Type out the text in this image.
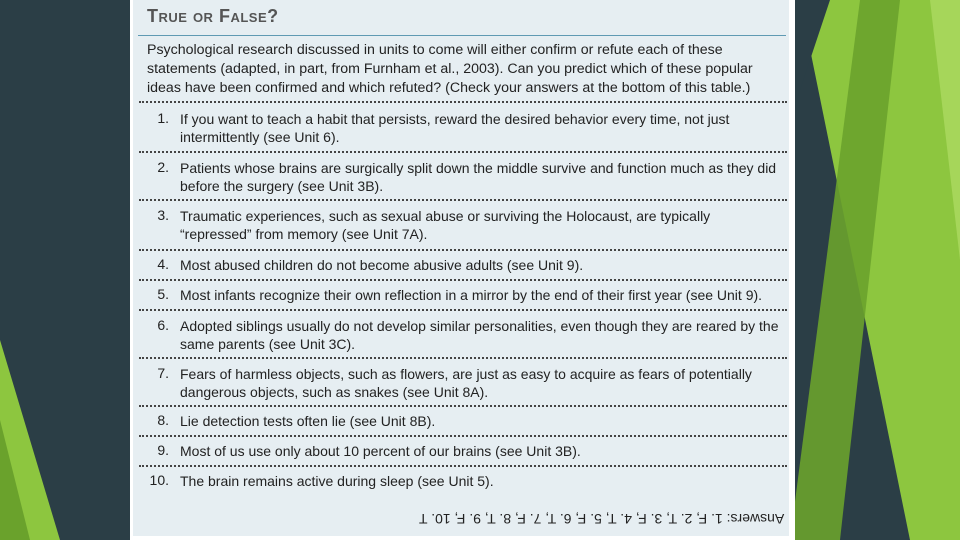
True or False?
Psychological research discussed in units to come will either confirm or refute each of these statements (adapted, in part, from Furnham et al., 2003). Can you predict which of these popular ideas have been confirmed and which refuted? (Check your answers at the bottom of this table.)
1. If you want to teach a habit that persists, reward the desired behavior every time, not just intermittently (see Unit 6).
2. Patients whose brains are surgically split down the middle survive and function much as they did before the surgery (see Unit 3B).
3. Traumatic experiences, such as sexual abuse or surviving the Holocaust, are typically “repressed” from memory (see Unit 7A).
4. Most abused children do not become abusive adults (see Unit 9).
5. Most infants recognize their own reflection in a mirror by the end of their first year (see Unit 9).
6. Adopted siblings usually do not develop similar personalities, even though they are reared by the same parents (see Unit 3C).
7. Fears of harmless objects, such as flowers, are just as easy to acquire as fears of potentially dangerous objects, such as snakes (see Unit 8A).
8. Lie detection tests often lie (see Unit 8B).
9. Most of us use only about 10 percent of our brains (see Unit 3B).
10. The brain remains active during sleep (see Unit 5).
Answers: 1. F, 2. T, 3. F, 4. T, 5. F, 6. T, 7. F, 8. T, 9. F, 10. T
